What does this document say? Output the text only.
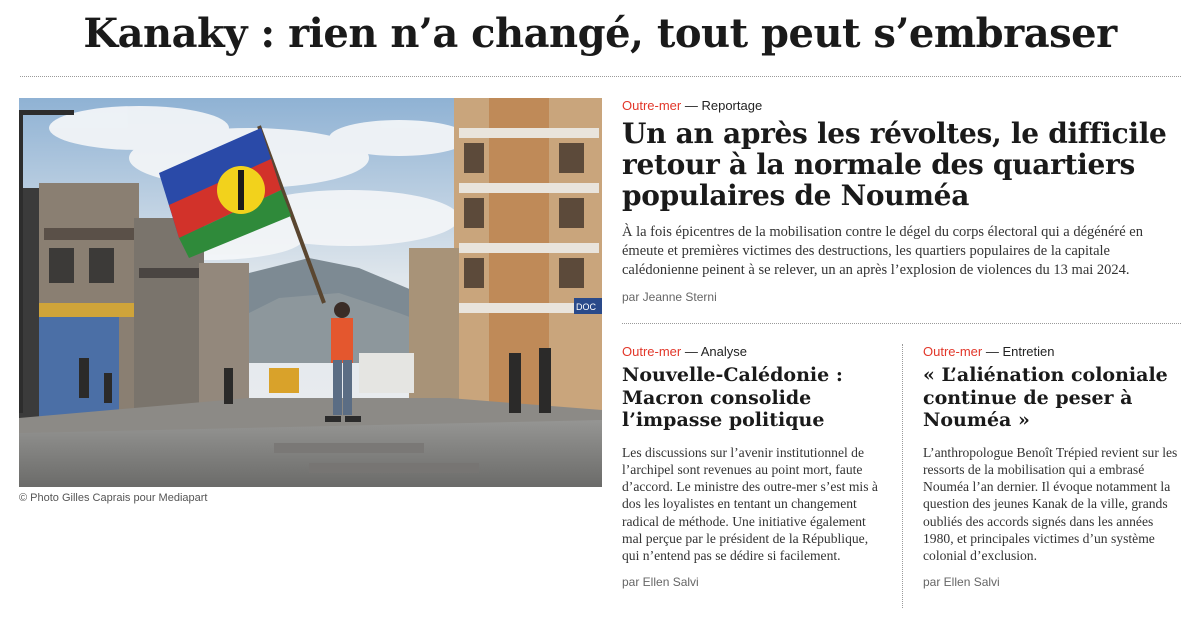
Kanaky : rien n’a changé, tout peut s’embraser
DOC
© Photo Gilles Caprais pour Mediapart
Outre-mer — Reportage
Un an après les révoltes, le difficile retour à la normale des quartiers populaires de Nouméa

À la fois épicentres de la mobilisation contre le dégel du corps électoral qui a dégénéré en émeute et premières victimes des destructions, les quartiers populaires de la capitale calédonienne peinent à se relever, un an après l’explosion de violences du 13 mai 2024.

par Jeanne Sterni
Outre-mer — Analyse
Nouvelle-Calédonie : Macron consolide l’impasse politique

Les discussions sur l’avenir institutionnel de l’archipel sont revenues au point mort, faute d’accord. Le ministre des outre-mer s’est mis à dos les loyalistes en tentant un changement radical de méthode. Une initiative également mal perçue par le président de la République, qui n’entend pas se dédire si facilement.

par Ellen Salvi
Outre-mer — Entretien
« L’aliénation coloniale continue de peser à Nouméa »

L’anthropologue Benoît Trépied revient sur les ressorts de la mobilisation qui a embrasé Nouméa l’an dernier. Il évoque notamment la question des jeunes Kanak de la ville, grands oubliés des accords signés dans les années 1980, et principales victimes d’un système colonial d’exclusion.

par Ellen Salvi
